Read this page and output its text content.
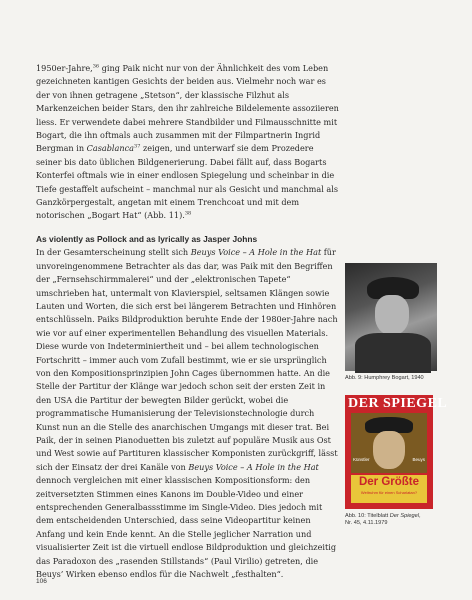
1950er-Jahre,$^{36}$ ging Paik nicht nur von der Ähnlichkeit des vom Leben gezeichneten kantigen Gesichts der beiden aus. Vielmehr noch war es der von ihnen getragene „Stetson“, der klassische Filzhut als Markenzeichen beider Stars, den ihr zahlreiche Bildelemente assoziieren liess. Er verwendete dabei mehrere Standbilder und Filmausschnitte mit Bogart, die ihn oftmals auch zusammen mit der Filmpartnerin Ingrid Bergman in Casablanca$^{37}$ zeigen, und unterwarf sie dem Prozedere seiner bis dato üblichen Bildgenerierung. Dabei fällt auf, dass Bogarts Konterfei oftmals wie in einer endlosen Spiegelung und scheinbar in die Tiefe gestaffelt aufscheint – manchmal nur als Gesicht und manchmal als Ganzkörpergestalt, angetan mit einem Trenchcoat und mit dem notorischen „Bogart Hat“ (Abb. 11).$^{38}$

As violently as Pollock and as lyrically as Jasper Johns

In der Gesamterscheinung stellt sich Beuys Voice – A Hole in the Hat für unvoreingenommene Betrachter als das dar, was Paik mit den Begriffen der „Fernsehschirmmalerei“ und der „elektronischen Tapete“ umschrieben hat, untermalt von Klavierspiel, seltsamen Klängen sowie Lauten und Worten, die sich erst bei längerem Betrachten und Hinhören entschlüsseln. Paiks Bildproduktion beruhte Ende der 1980er-Jahre nach wie vor auf einer experimentellen Behandlung des visuellen Materials. Diese wurde von Indeterminiertheit und – bei allem technologischen Fortschritt – immer auch vom Zufall bestimmt, wie er sie ursprünglich von den Kompositionsprinzipien John Cages übernommen hatte. An die Stelle der Partitur der Klänge war jedoch schon seit der ersten Zeit in den USA die Partitur der bewegten Bilder gerückt, wobei die programmatische Humanisierung der Televisionstechnologie durch Kunst nun an die Stelle des anarchischen Umgangs mit dieser trat. Bei Paik, der in seinen Pianoduetten bis zuletzt auf populäre Musik aus Ost und West sowie auf Partituren klassischer Komponisten zurückgriff, lässt sich der Einsatz der drei Kanäle von Beuys Voice – A Hole in the Hat dennoch vergleichen mit einer klassischen Kompositionsform: den zeitversetzten Stimmen eines Kanons im Double-Video und einer entsprechenden Generalbassstimme im Single-Video. Dies jedoch mit dem entscheidenden Unterschied, dass seine Videopartitur keinen Anfang und kein Ende kennt. An die Stelle jeglicher Narration und visualisierter Zeit ist die virtuell endlose Bildproduktion und gleichzeitig das Paradoxon des „rasenden Stillstands“ (Paul Virilio) getreten, die Beuys’ Wirken ebenso endlos für die Nachwelt „festhalten“.

Abb. 9: Humphrey Bogart, 1940
DER SPIEGEL
Künstler	Beuys
Der Größte
Weltruhm für einen Scharlatan?
Abb. 10: Titelblatt Der Spiegel,
Nr. 45, 4.11.1979
106
